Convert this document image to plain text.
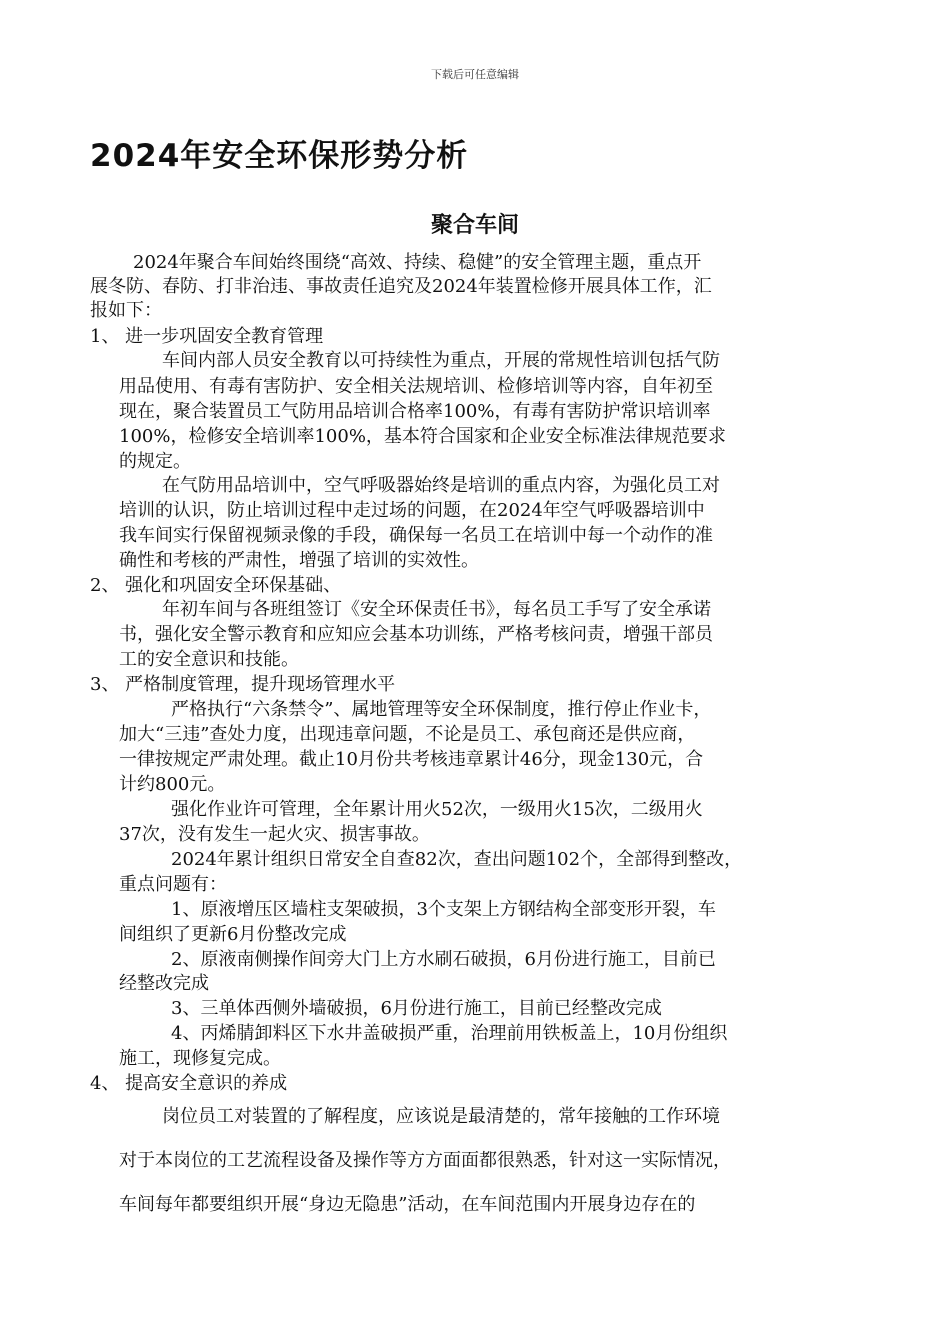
下载后可任意编辑
2024年安全环保形势分析
聚合车间
2024年聚合车间始终围绕“高效、持续、稳健”的安全管理主题，重点开
展冬防、春防、打非治违、事故责任追究及2024年装置检修开展具体工作，汇
报如下：
1、 进一步巩固安全教育管理
车间内部人员安全教育以可持续性为重点，开展的常规性培训包括气防
用品使用、有毒有害防护、安全相关法规培训、检修培训等内容，自年初至
现在，聚合装置员工气防用品培训合格率100%，有毒有害防护常识培训率
100%，检修安全培训率100%，基本符合国家和企业安全标准法律规范要求
的规定。
在气防用品培训中，空气呼吸器始终是培训的重点内容，为强化员工对
培训的认识，防止培训过程中走过场的问题，在2024年空气呼吸器培训中
我车间实行保留视频录像的手段，确保每一名员工在培训中每一个动作的准
确性和考核的严肃性，增强了培训的实效性。
2、 强化和巩固安全环保基础、
年初车间与各班组签订《安全环保责任书》，每名员工手写了安全承诺
书，强化安全警示教育和应知应会基本功训练，严格考核问责，增强干部员
工的安全意识和技能。
3、 严格制度管理，提升现场管理水平
严格执行“六条禁令”、属地管理等安全环保制度，推行停止作业卡，
加大“三违”查处力度，出现违章问题，不论是员工、承包商还是供应商，
一律按规定严肃处理。截止10月份共考核违章累计46分，现金130元，合
计约800元。
强化作业许可管理，全年累计用火52次，一级用火15次，二级用火
37次，没有发生一起火灾、损害事故。
2024年累计组织日常安全自查82次，查出问题102个，全部得到整改，
重点问题有：
1、原液增压区墙柱支架破损，3个支架上方钢结构全部变形开裂，车
间组织了更新6月份整改完成
2、原液南侧操作间旁大门上方水刷石破损，6月份进行施工，目前已
经整改完成
3、三单体西侧外墙破损，6月份进行施工，目前已经整改完成
4、丙烯腈卸料区下水井盖破损严重，治理前用铁板盖上，10月份组织
施工，现修复完成。
4、 提高安全意识的养成
岗位员工对装置的了解程度，应该说是最清楚的，常年接触的工作环境
对于本岗位的工艺流程设备及操作等方方面面都很熟悉，针对这一实际情况，
车间每年都要组织开展“身边无隐患”活动，在车间范围内开展身边存在的
